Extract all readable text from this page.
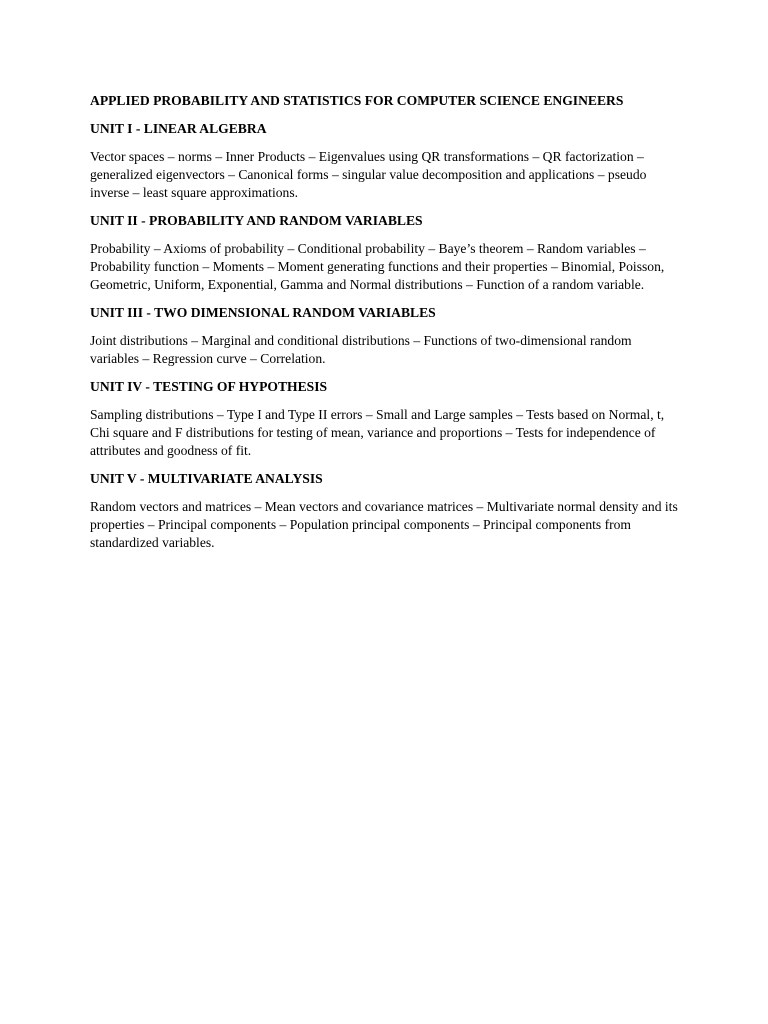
APPLIED PROBABILITY AND STATISTICS FOR COMPUTER SCIENCE ENGINEERS
UNIT I - LINEAR ALGEBRA
Vector spaces – norms – Inner Products – Eigenvalues using QR transformations – QR factorization – generalized eigenvectors – Canonical forms – singular value decomposition and applications – pseudo inverse – least square approximations.
UNIT II - PROBABILITY AND RANDOM VARIABLES
Probability – Axioms of probability – Conditional probability – Baye’s theorem – Random variables – Probability function – Moments – Moment generating functions and their properties – Binomial, Poisson, Geometric, Uniform, Exponential, Gamma and Normal distributions – Function of a random variable.
UNIT III - TWO DIMENSIONAL RANDOM VARIABLES
Joint distributions – Marginal and conditional distributions – Functions of two-dimensional random variables – Regression curve – Correlation.
UNIT IV - TESTING OF HYPOTHESIS
Sampling distributions – Type I and Type II errors – Small and Large samples – Tests based on Normal, t, Chi square and F distributions for testing of mean, variance and proportions – Tests for independence of attributes and goodness of fit.
UNIT V - MULTIVARIATE ANALYSIS
Random vectors and matrices – Mean vectors and covariance matrices – Multivariate normal density and its properties – Principal components – Population principal components – Principal components from standardized variables.
